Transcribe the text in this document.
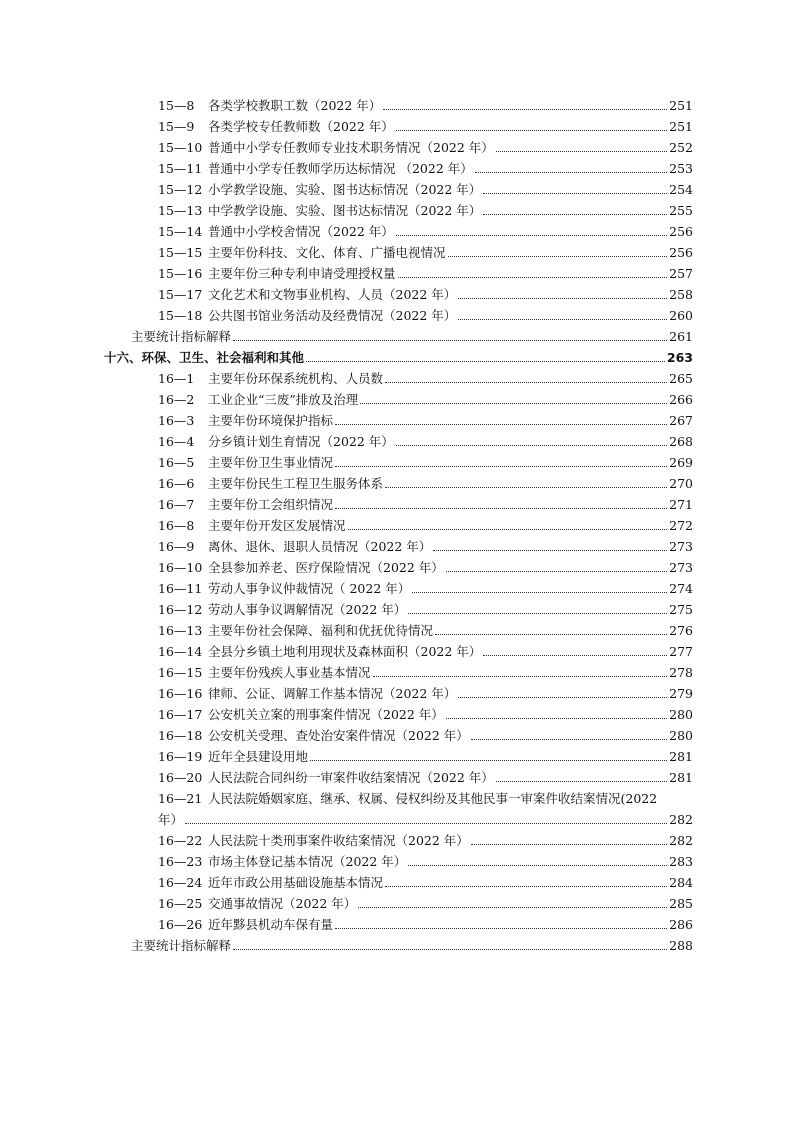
15—8	各类学校教职工数（2022 年）	251
15—9	各类学校专任教师数（2022 年）	251
15—10 普通中小学专任教师专业技术职务情况（2022 年）	252
15—11 普通中小学专任教师学历达标情况 （2022 年）	253
15—12 小学教学设施、实验、图书达标情况（2022 年）	254
15—13 中学教学设施、实验、图书达标情况（2022 年）	255
15—14 普通中小学校舍情况（2022 年）	256
15—15 主要年份科技、文化、体育、广播电视情况	256
15—16 主要年份三种专利申请受理授权量	257
15—17 文化艺术和文物事业机构、人员（2022 年）	258
15—18 公共图书馆业务活动及经费情况（2022 年）	260
主要统计指标解释	261
十六、环保、卫生、社会福利和其他	263
16—1	主要年份环保系统机构、人员数	265
16—2	工业企业“三废”排放及治理	266
16—3	主要年份环境保护指标	267
16—4	分乡镇计划生育情况（2022 年）	268
16—5	主要年份卫生事业情况	269
16—6	主要年份民生工程卫生服务体系	270
16—7	主要年份工会组织情况	271
16—8	主要年份开发区发展情况	272
16—9	离休、退休、退职人员情况（2022 年）	273
16—10 全县参加养老、医疗保险情况（2022 年）	273
16—11 劳动人事争议仲裁情况（ 2022 年）	274
16—12 劳动人事争议调解情况（2022 年）	275
16—13 主要年份社会保障、福利和优抚优待情况	276
16—14 全县分乡镇土地利用现状及森林面积（2022 年）	277
16—15 主要年份残疾人事业基本情况	278
16—16 律师、公证、调解工作基本情况（2022 年）	279
16—17 公安机关立案的刑事案件情况（2022 年）	280
16—18 公安机关受理、查处治安案件情况（2022 年）	280
16—19 近年全县建设用地	281
16—20 人民法院合同纠纷一审案件收结案情况（2022 年）	281
16—21 人民法院婚姻家庭、继承、权属、侵权纠纷及其他民事一审案件收结案情况(2022
年）	282
16—22 人民法院十类刑事案件收结案情况（2022 年）	282
16—23 市场主体登记基本情况（2022 年）	283
16—24 近年市政公用基础设施基本情况	284
16—25 交通事故情况（2022 年）	285
16—26 近年黟县机动车保有量	286
主要统计指标解释	288
